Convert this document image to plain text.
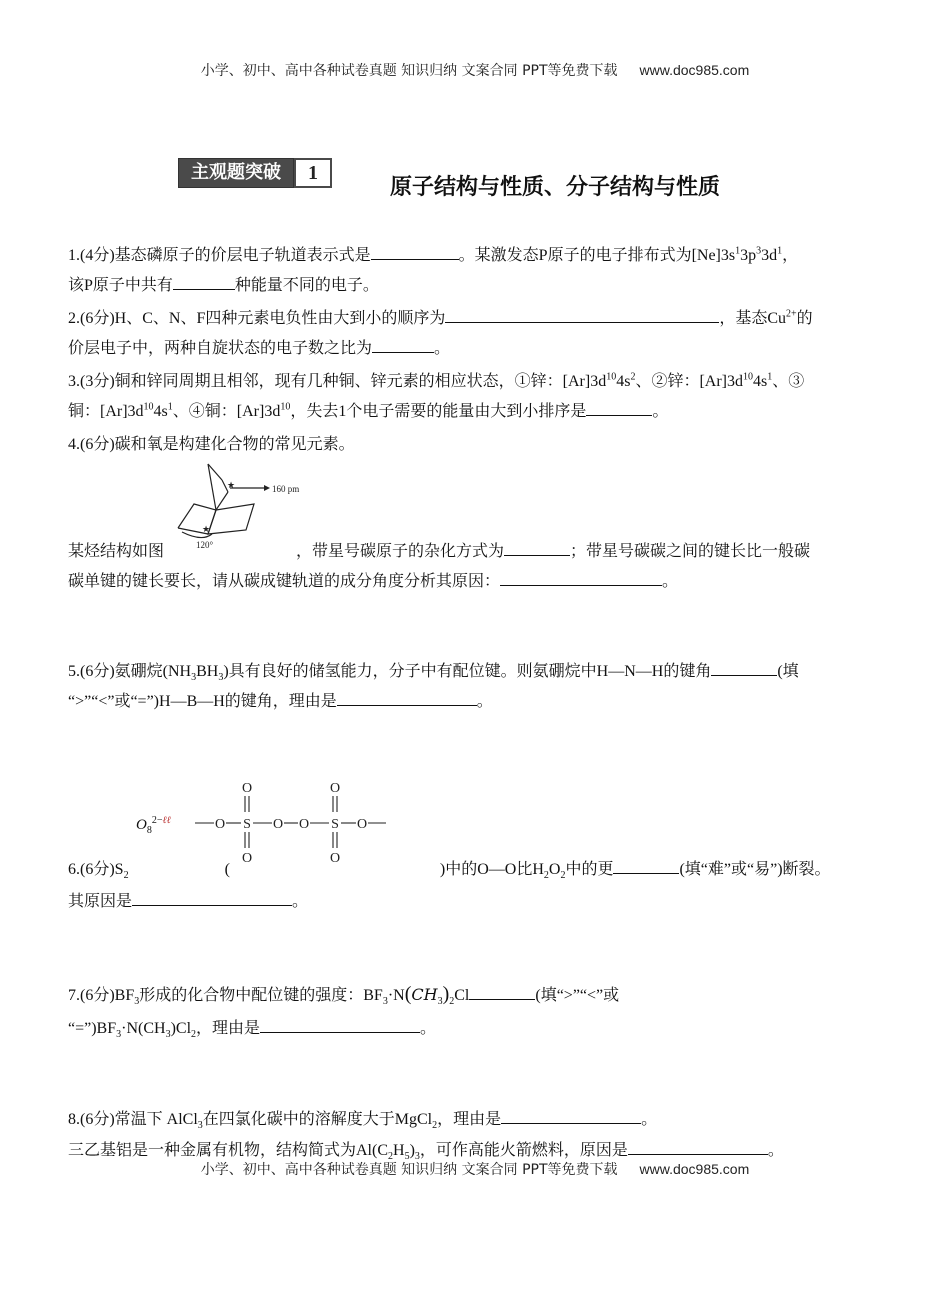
小学、初中、高中各种试卷真题 知识归纳 文案合同 PPT等免费下载 www.doc985.com
主观题突破	1
原子结构与性质、分子结构与性质
1.(4分)基态磷原子的价层电子轨道表示式是	。某激发态P原子的电子排布式为$[Ne]3s^13p^33d^1$，
该P原子中共有	种能量不同的电子。
2.(6分)H、C、N、F四种元素电负性由大到小的顺序为	，基态$Cu^{2+}$的
价层电子中，两种自旋状态的电子数之比为	。
3.(3分)铜和锌同周期且相邻，现有几种铜、锌元素的相应状态，①锌：$[Ar]3d^{10}4s^2$、②锌：$[Ar]3d^{10}4s^1$、③
铜：$[Ar]3d^{10}4s^1$、④铜：$[Ar]3d^{10}$，失去1个电子需要的能量由大到小排序是	。
4.(6分)碳和氧是构建化合物的常见元素。
★
★
160 pm
120°
某烃结构如图	，带星号碳原子的杂化方式为	；带星号碳碳之间的键长比一般碳
碳单键的键长要长，请从碳成键轨道的成分角度分析其原因：	。
5.(6分)氨硼烷$(NH_3BH_3)$具有良好的储氢能力，分子中有配位键。则氨硼烷中H—N—H的键角	(填
“>”“<”或“=”)H—B—H的键角，理由是	。
$O_8^{2-\ell\ell}$
O	O
O	O
S	S
O	O O	O
6.(6分)$S_2$	(	)中的O—O比$H_2O_2$中的更	(填“难”或“易”)断裂。
其原因是	。
7.(6分)$BF_3$形成的化合物中配位键的强度：$BF_3\cdot N(CH_3)_2Cl$	(填“>”“<”或
“$=”)BF_3\cdot N(CH_3)Cl_2$，理由是	。
8.(6分)常温下 AlCl$_3$在四氯化碳中的溶解度大于MgCl$_2$，理由是	。
三乙基铝是一种金属有机物，结构简式为$Al(C_2H_5)_3$，可作高能火箭燃料，原因是	。
小学、初中、高中各种试卷真题 知识归纳 文案合同 PPT等免费下载 www.doc985.com
